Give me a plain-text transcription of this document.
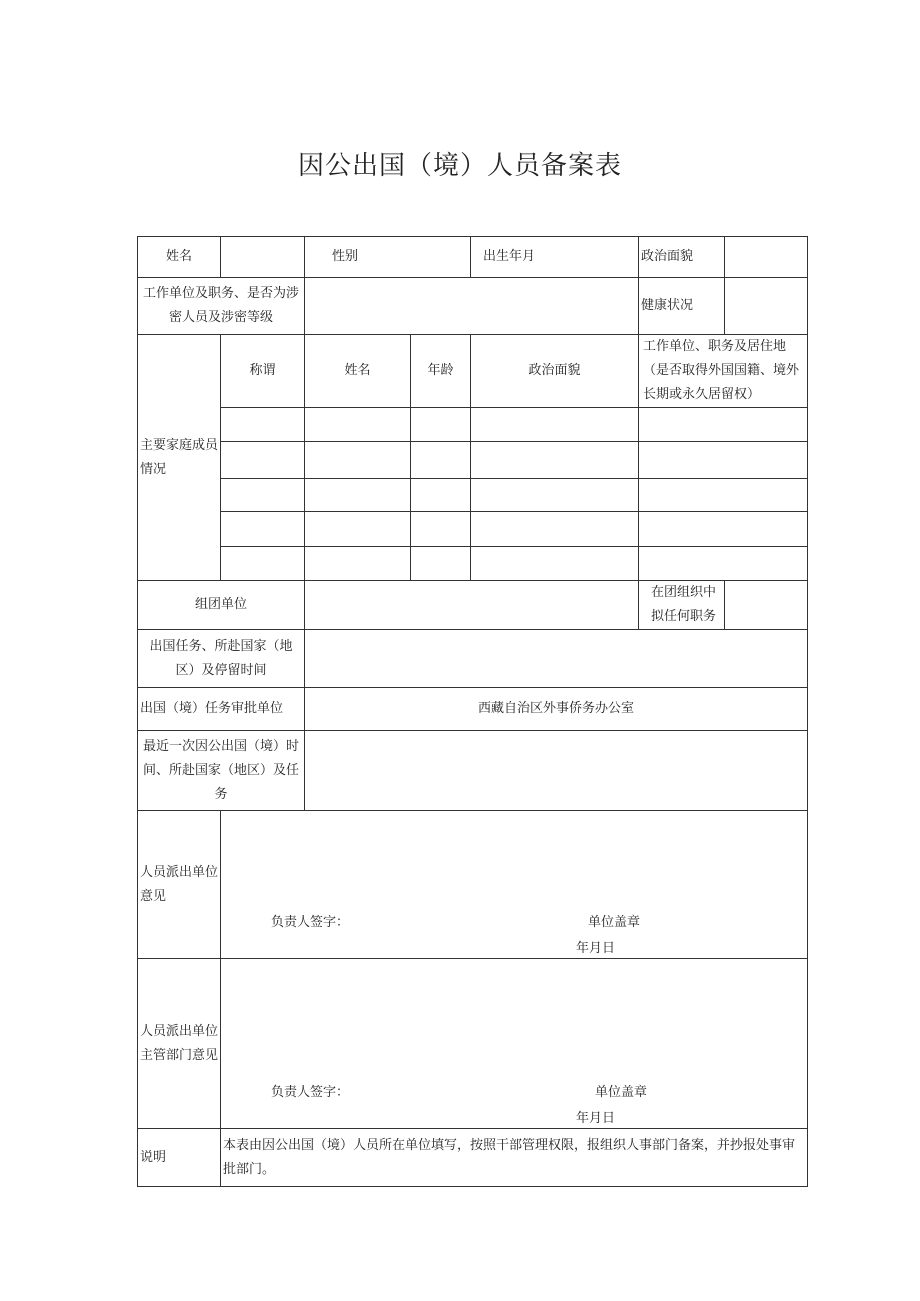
因公出国（境）人员备案表
姓名		性别		出生年月	政治面貌	
工作单位及职务、是否为涉密人员及涉密等级					健康状况	
主要家庭成员情况	称谓	姓名	年龄	政治面貌	工作单位、职务及居住地（是否取得外国国籍、境外长期或永久居留权）	

组团单位					在团组织中拟任何职务	
出国任务、所赴国家（地区）及停留时间						
出国（境）任务审批单位		西藏自治区外事侨务办公室				
最近一次因公出国（境）时间、所赴国家（地区）及任务						
人员派出单位意见	负责人签字： 单位盖章
年月日					

人员派出单位主管部门意见	负责人签字： 单位盖章
年月日					

说明	本表由因公出国（境）人员所在单位填写，按照干部管理权限，报组织人事部门备案，并抄报处事审批部门。					
